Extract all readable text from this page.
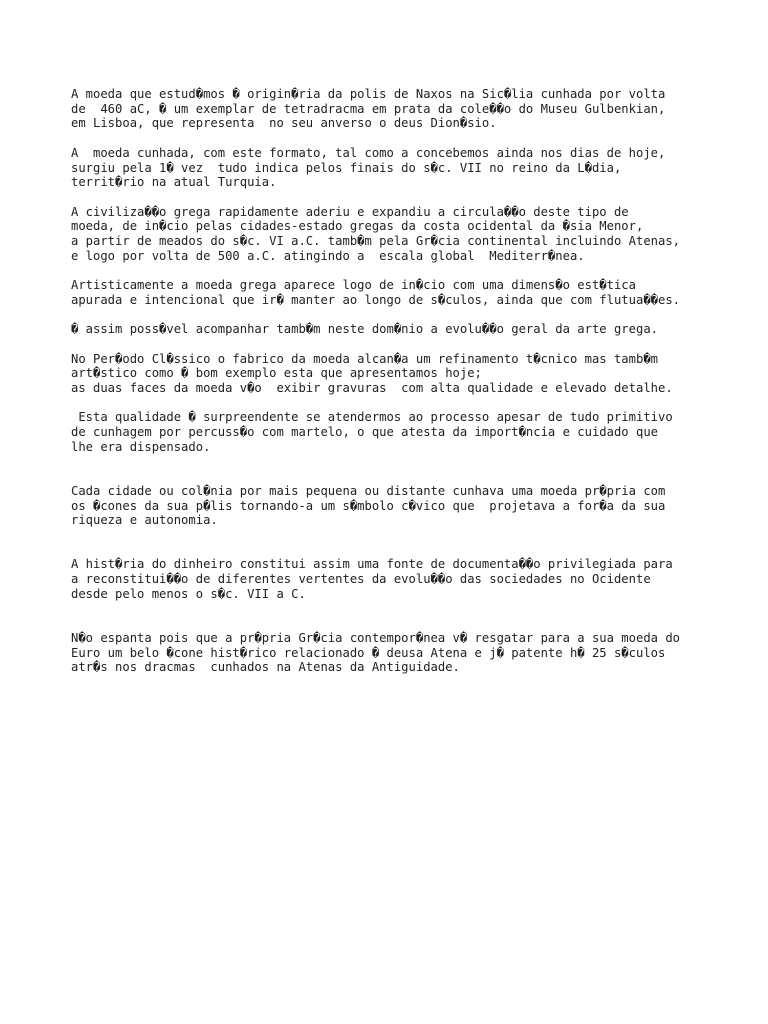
A moeda que estud�mos � origin�ria da polis de Naxos na Sic�lia cunhada por volta
de  460 aC, � um exemplar de tetradracma em prata da cole��o do Museu Gulbenkian,
em Lisboa, que representa  no seu anverso o deus Dion�sio.

A  moeda cunhada, com este formato, tal como a concebemos ainda nos dias de hoje,
surgiu pela 1� vez  tudo indica pelos finais do s�c. VII no reino da L�dia,
territ�rio na atual Turquia.

A civiliza��o grega rapidamente aderiu e expandiu a circula��o deste tipo de
moeda, de in�cio pelas cidades-estado gregas da costa ocidental da �sia Menor,
a partir de meados do s�c. VI a.C. tamb�m pela Gr�cia continental incluindo Atenas,
e logo por volta de 500 a.C. atingindo a  escala global  Mediterr�nea.

Artisticamente a moeda grega aparece logo de in�cio com uma dimens�o est�tica
apurada e intencional que ir� manter ao longo de s�culos, ainda que com flutua��es.

� assim poss�vel acompanhar tamb�m neste dom�nio a evolu��o geral da arte grega.

No Per�odo Cl�ssico o fabrico da moeda alcan�a um refinamento t�cnico mas tamb�m
art�stico como � bom exemplo esta que apresentamos hoje;
as duas faces da moeda v�o  exibir gravuras  com alta qualidade e elevado detalhe.

Esta qualidade � surpreendente se atendermos ao processo apesar de tudo primitivo
de cunhagem por percuss�o com martelo, o que atesta da import�ncia e cuidado que
lhe era dispensado.

Cada cidade ou col�nia por mais pequena ou distante cunhava uma moeda pr�pria com
os �cones da sua p�lis tornando-a um s�mbolo c�vico que  projetava a for�a da sua
riqueza e autonomia.

A hist�ria do dinheiro constitui assim uma fonte de documenta��o privilegiada para
a reconstitui��o de diferentes vertentes da evolu��o das sociedades no Ocidente
desde pelo menos o s�c. VII a C.

N�o espanta pois que a pr�pria Gr�cia contempor�nea v� resgatar para a sua moeda do
Euro um belo �cone hist�rico relacionado � deusa Atena e j� patente h� 25 s�culos
atr�s nos dracmas  cunhados na Atenas da Antiguidade.
